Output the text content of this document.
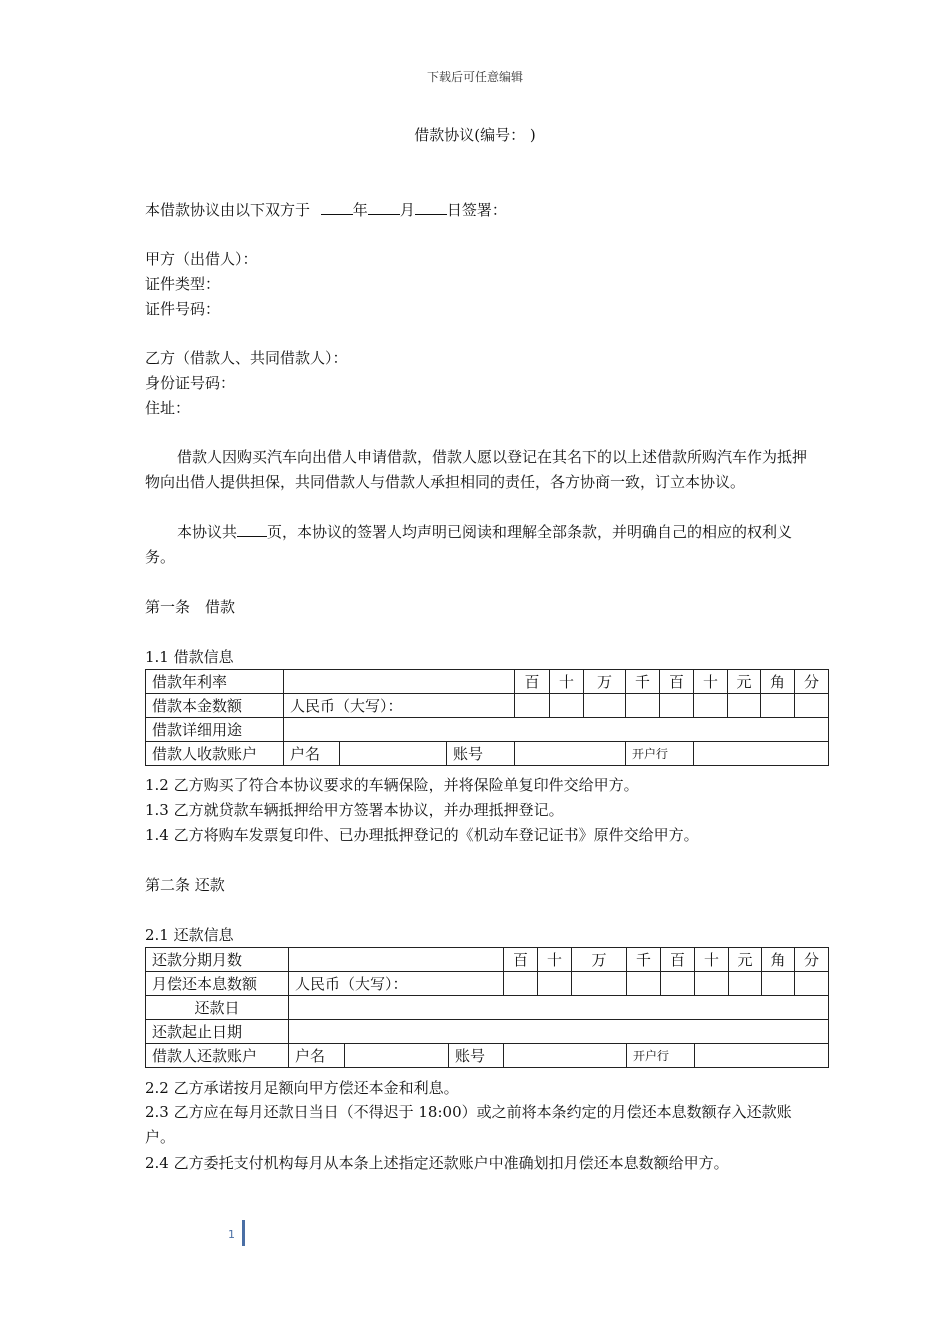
下载后可任意编辑
借款协议(编号： )
本借款协议由以下双方于	年 月 日签署：
甲方（出借人）：
证件类型：
证件号码：
乙方（借款人、共同借款人）：
身份证号码：
住址：
借款人因购买汽车向出借人申请借款，借款人愿以登记在其名下的以上述借款所购汽车作为抵押物向出借人提供担保，共同借款人与借款人承担相同的责任，各方协商一致，订立本协议。
本协议共 页，本协议的签署人均声明已阅读和理解全部条款，并明确自己的相应的权利义务。
第一条　借款
1.1 借款信息
借款年利率				百	十	万	千	百	十	元	角	分
借款本金数额	人民币（大写）：											
借款详细用途												
借款人收款账户	户名		账号				开户行					
1.2 乙方购买了符合本协议要求的车辆保险，并将保险单复印件交给甲方。
1.3 乙方就贷款车辆抵押给甲方签署本协议，并办理抵押登记。
1.4 乙方将购车发票复印件、已办理抵押登记的《机动车登记证书》原件交给甲方。
第二条 还款
2.1 还款信息
还款分期月数				百	十	万	千	百	十	元	角	分
月偿还本息数额	人民币（大写）：											
还款日												
还款起止日期												
借款人还款账户	户名		账号				开户行					
2.2 乙方承诺按月足额向甲方偿还本金和利息。
2.3 乙方应在每月还款日当日（不得迟于 18:00）或之前将本条约定的月偿还本息数额存入还款账户。
2.4 乙方委托支付机构每月从本条上述指定还款账户中准确划扣月偿还本息数额给甲方。
1
